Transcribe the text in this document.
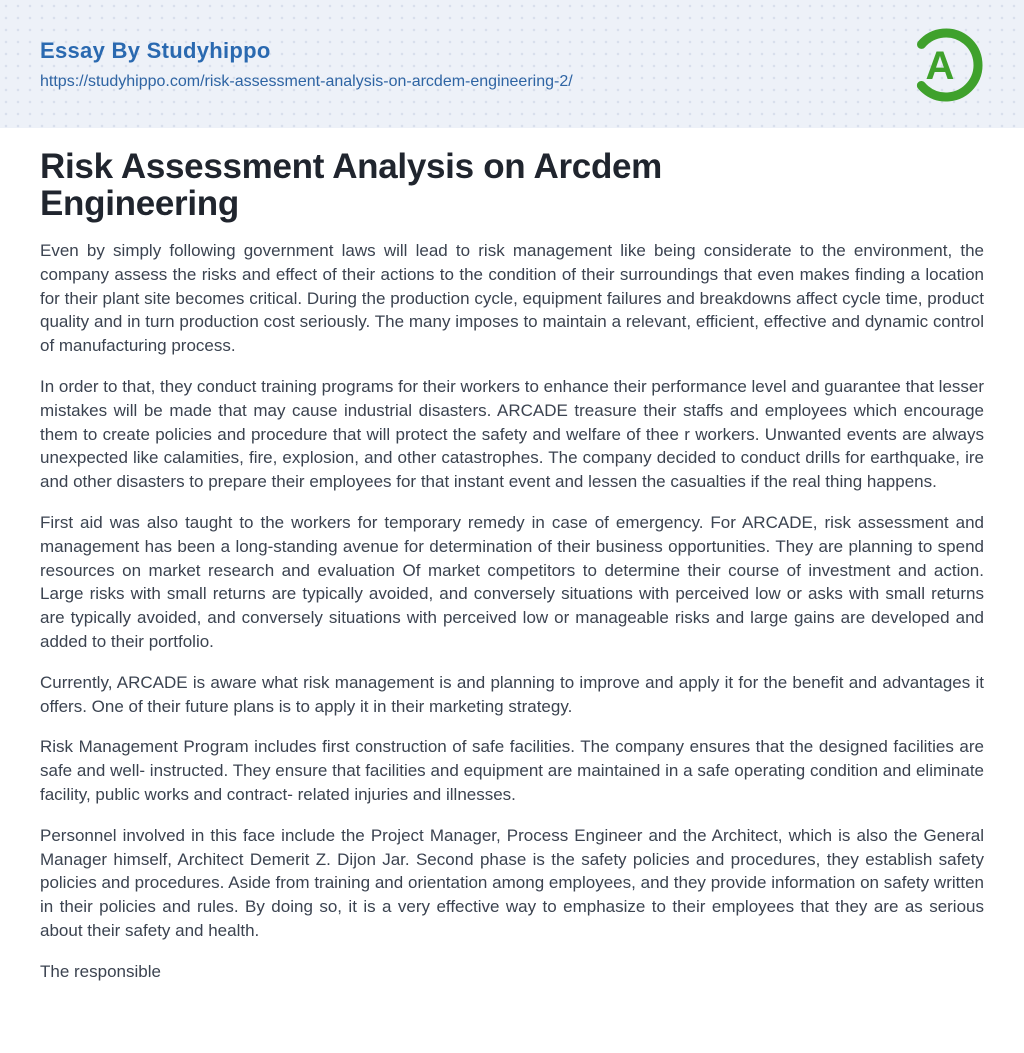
Essay By Studyhippo
https://studyhippo.com/risk-assessment-analysis-on-arcdem-engineering-2/	A
Risk Assessment Analysis on Arcdem Engineering

Even by simply following government laws will lead to risk management like being considerate to the environment, the company assess the risks and effect of their actions to the condition of their surroundings that even makes finding a location for their plant site becomes critical. During the production cycle, equipment failures and breakdowns affect cycle time, product quality and in turn production cost seriously. The many imposes to maintain a relevant, efficient, effective and dynamic control of manufacturing process.

In order to that, they conduct training programs for their workers to enhance their performance level and guarantee that lesser mistakes will be made that may cause industrial disasters. ARCADE treasure their staffs and employees which encourage them to create policies and procedure that will protect the safety and welfare of thee r workers. Unwanted events are always unexpected like calamities, fire, explosion, and other catastrophes. The company decided to conduct drills for earthquake, ire and other disasters to prepare their employees for that instant event and lessen the casualties if the real thing happens.

First aid was also taught to the workers for temporary remedy in case of emergency. For ARCADE, risk assessment and management has been a long-standing avenue for determination of their business opportunities. They are planning to spend resources on market research and evaluation Of market competitors to determine their course of investment and action. Large risks with small returns are typically avoided, and conversely situations with perceived low or asks with small returns are typically avoided, and conversely situations with perceived low or manageable risks and large gains are developed and added to their portfolio.

Currently, ARCADE is aware what risk management is and planning to improve and apply it for the benefit and advantages it offers. One of their future plans is to apply it in their marketing strategy.

Risk Management Program includes first construction of safe facilities. The company ensures that the designed facilities are safe and well- instructed. They ensure that facilities and equipment are maintained in a safe operating condition and eliminate facility, public works and contract- related injuries and illnesses.

Personnel involved in this face include the Project Manager, Process Engineer and the Architect, which is also the General Manager himself, Architect Demerit Z. Dijon Jar. Second phase is the safety policies and procedures, they establish safety policies and procedures. Aside from training and orientation among employees, and they provide information on safety written in their policies and rules. By doing so, it is a very effective way to emphasize to their employees that they are as serious about their safety and health.

The responsible
